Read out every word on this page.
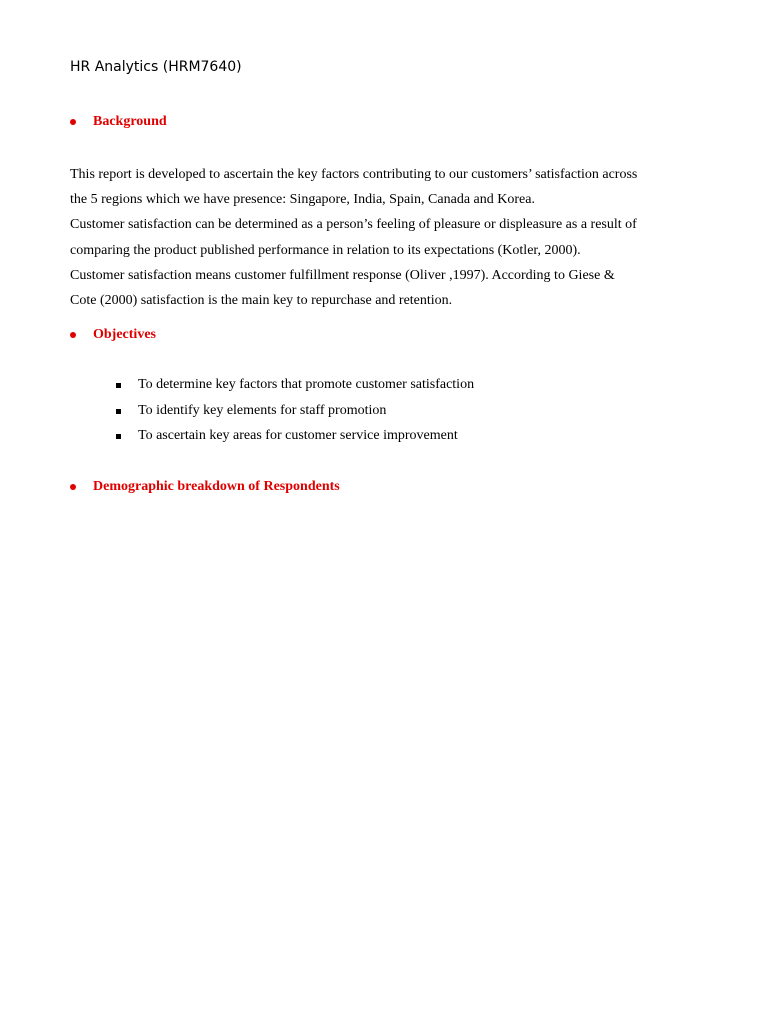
HR Analytics (HRM7640)
Background
This report is developed to ascertain the key factors contributing to our customers’ satisfaction across
the 5 regions which we have presence: Singapore, India, Spain, Canada and Korea.
Customer satisfaction can be determined as a person’s feeling of pleasure or displeasure as a result of
comparing the product published performance in relation to its expectations (Kotler, 2000).
Customer satisfaction means customer fulfillment response (Oliver ,1997). According to Giese &
Cote (2000) satisfaction is the main key to repurchase and retention.
Objectives
To determine key factors that promote customer satisfaction
To identify key elements for staff promotion
To ascertain key areas for customer service improvement
Demographic breakdown of Respondents
